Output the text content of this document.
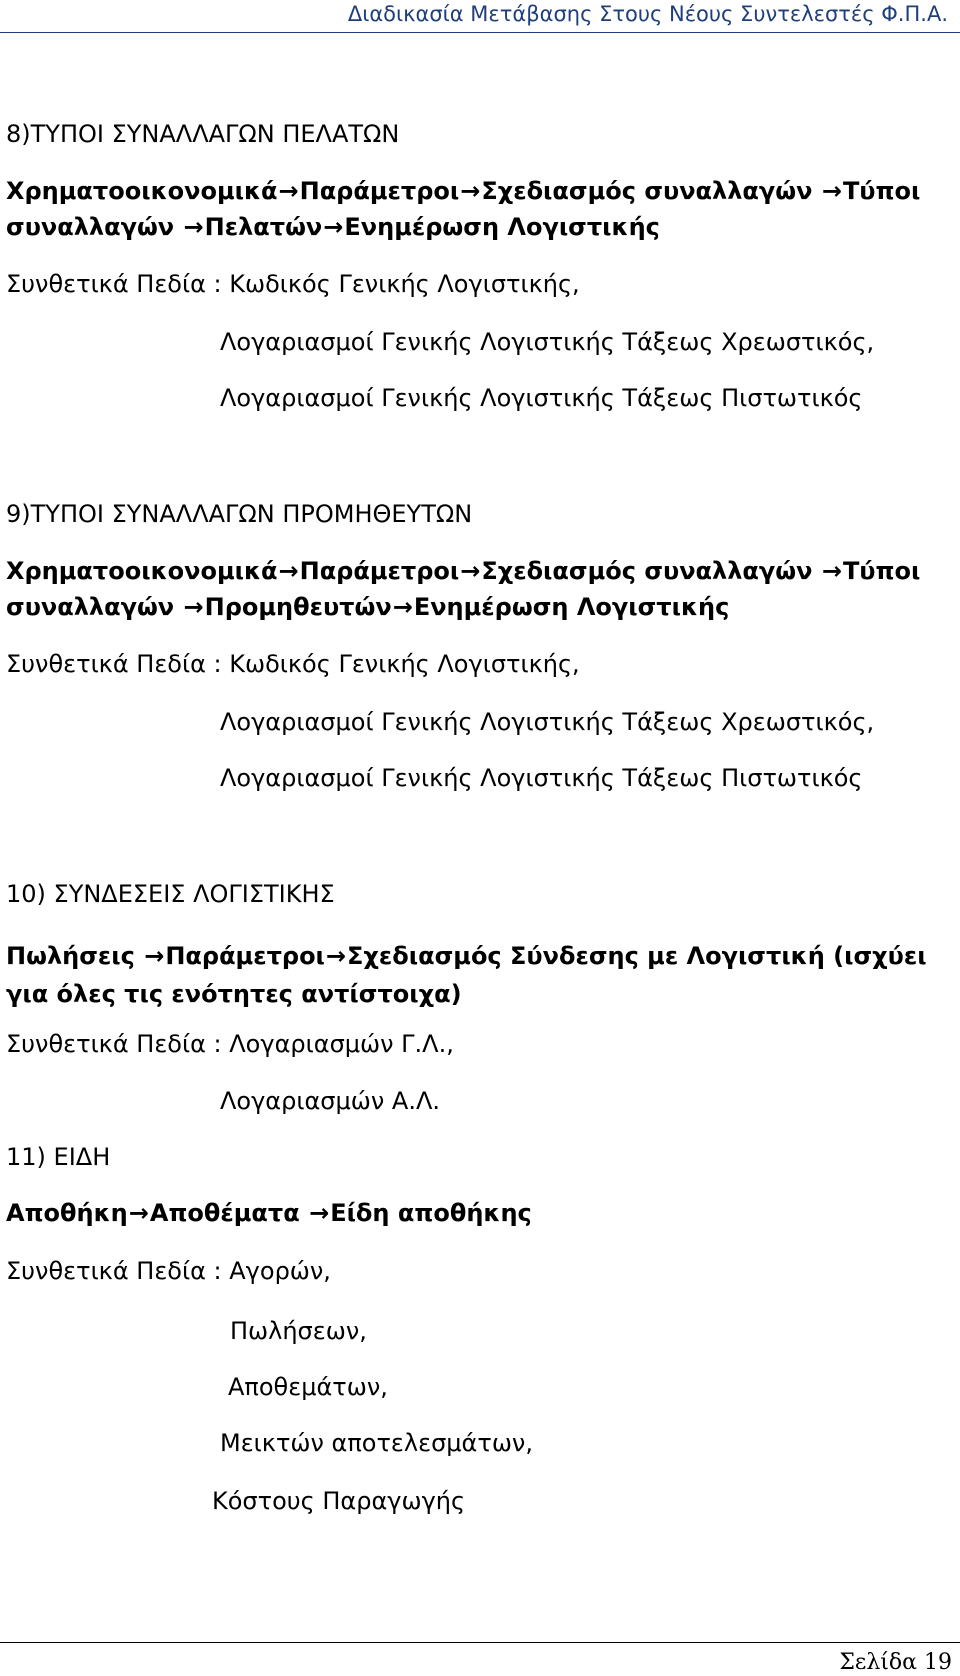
Διαδικασία Μετάβασης Στους Νέους Συντελεστές Φ.Π.Α.
8)ΤΥΠΟΙ ΣΥΝΑΛΛΑΓΩΝ ΠΕΛΑΤΩΝ
Χρηματοοικονομικά→Παράμετροι→Σχεδιασμός συναλλαγών →Τύποι
συναλλαγών →Πελατών→Ενημέρωση Λογιστικής
Συνθετικά Πεδία : Κωδικός Γενικής Λογιστικής,
Λογαριασμοί Γενικής Λογιστικής Τάξεως Χρεωστικός,
Λογαριασμοί Γενικής Λογιστικής Τάξεως Πιστωτικός
9)ΤΥΠΟΙ ΣΥΝΑΛΛΑΓΩΝ ΠΡΟΜΗΘΕΥΤΩΝ
Χρηματοοικονομικά→Παράμετροι→Σχεδιασμός συναλλαγών →Τύποι
συναλλαγών →Προμηθευτών→Ενημέρωση Λογιστικής
Συνθετικά Πεδία : Κωδικός Γενικής Λογιστικής,
Λογαριασμοί Γενικής Λογιστικής Τάξεως Χρεωστικός,
Λογαριασμοί Γενικής Λογιστικής Τάξεως Πιστωτικός
10) ΣΥΝΔΕΣΕΙΣ ΛΟΓΙΣΤΙΚΗΣ
Πωλήσεις →Παράμετροι→Σχεδιασμός Σύνδεσης με Λογιστική (ισχύει για όλες τις ενότητες αντίστοιχα)
Συνθετικά Πεδία : Λογαριασμών Γ.Λ.,
Λογαριασμών Α.Λ.
11) ΕΙΔΗ
Αποθήκη→Αποθέματα →Είδη αποθήκης
Συνθετικά Πεδία : Αγορών,
Πωλήσεων,
Αποθεμάτων,
Μεικτών αποτελεσμάτων,
Κόστους Παραγωγής
Σελίδα 19
